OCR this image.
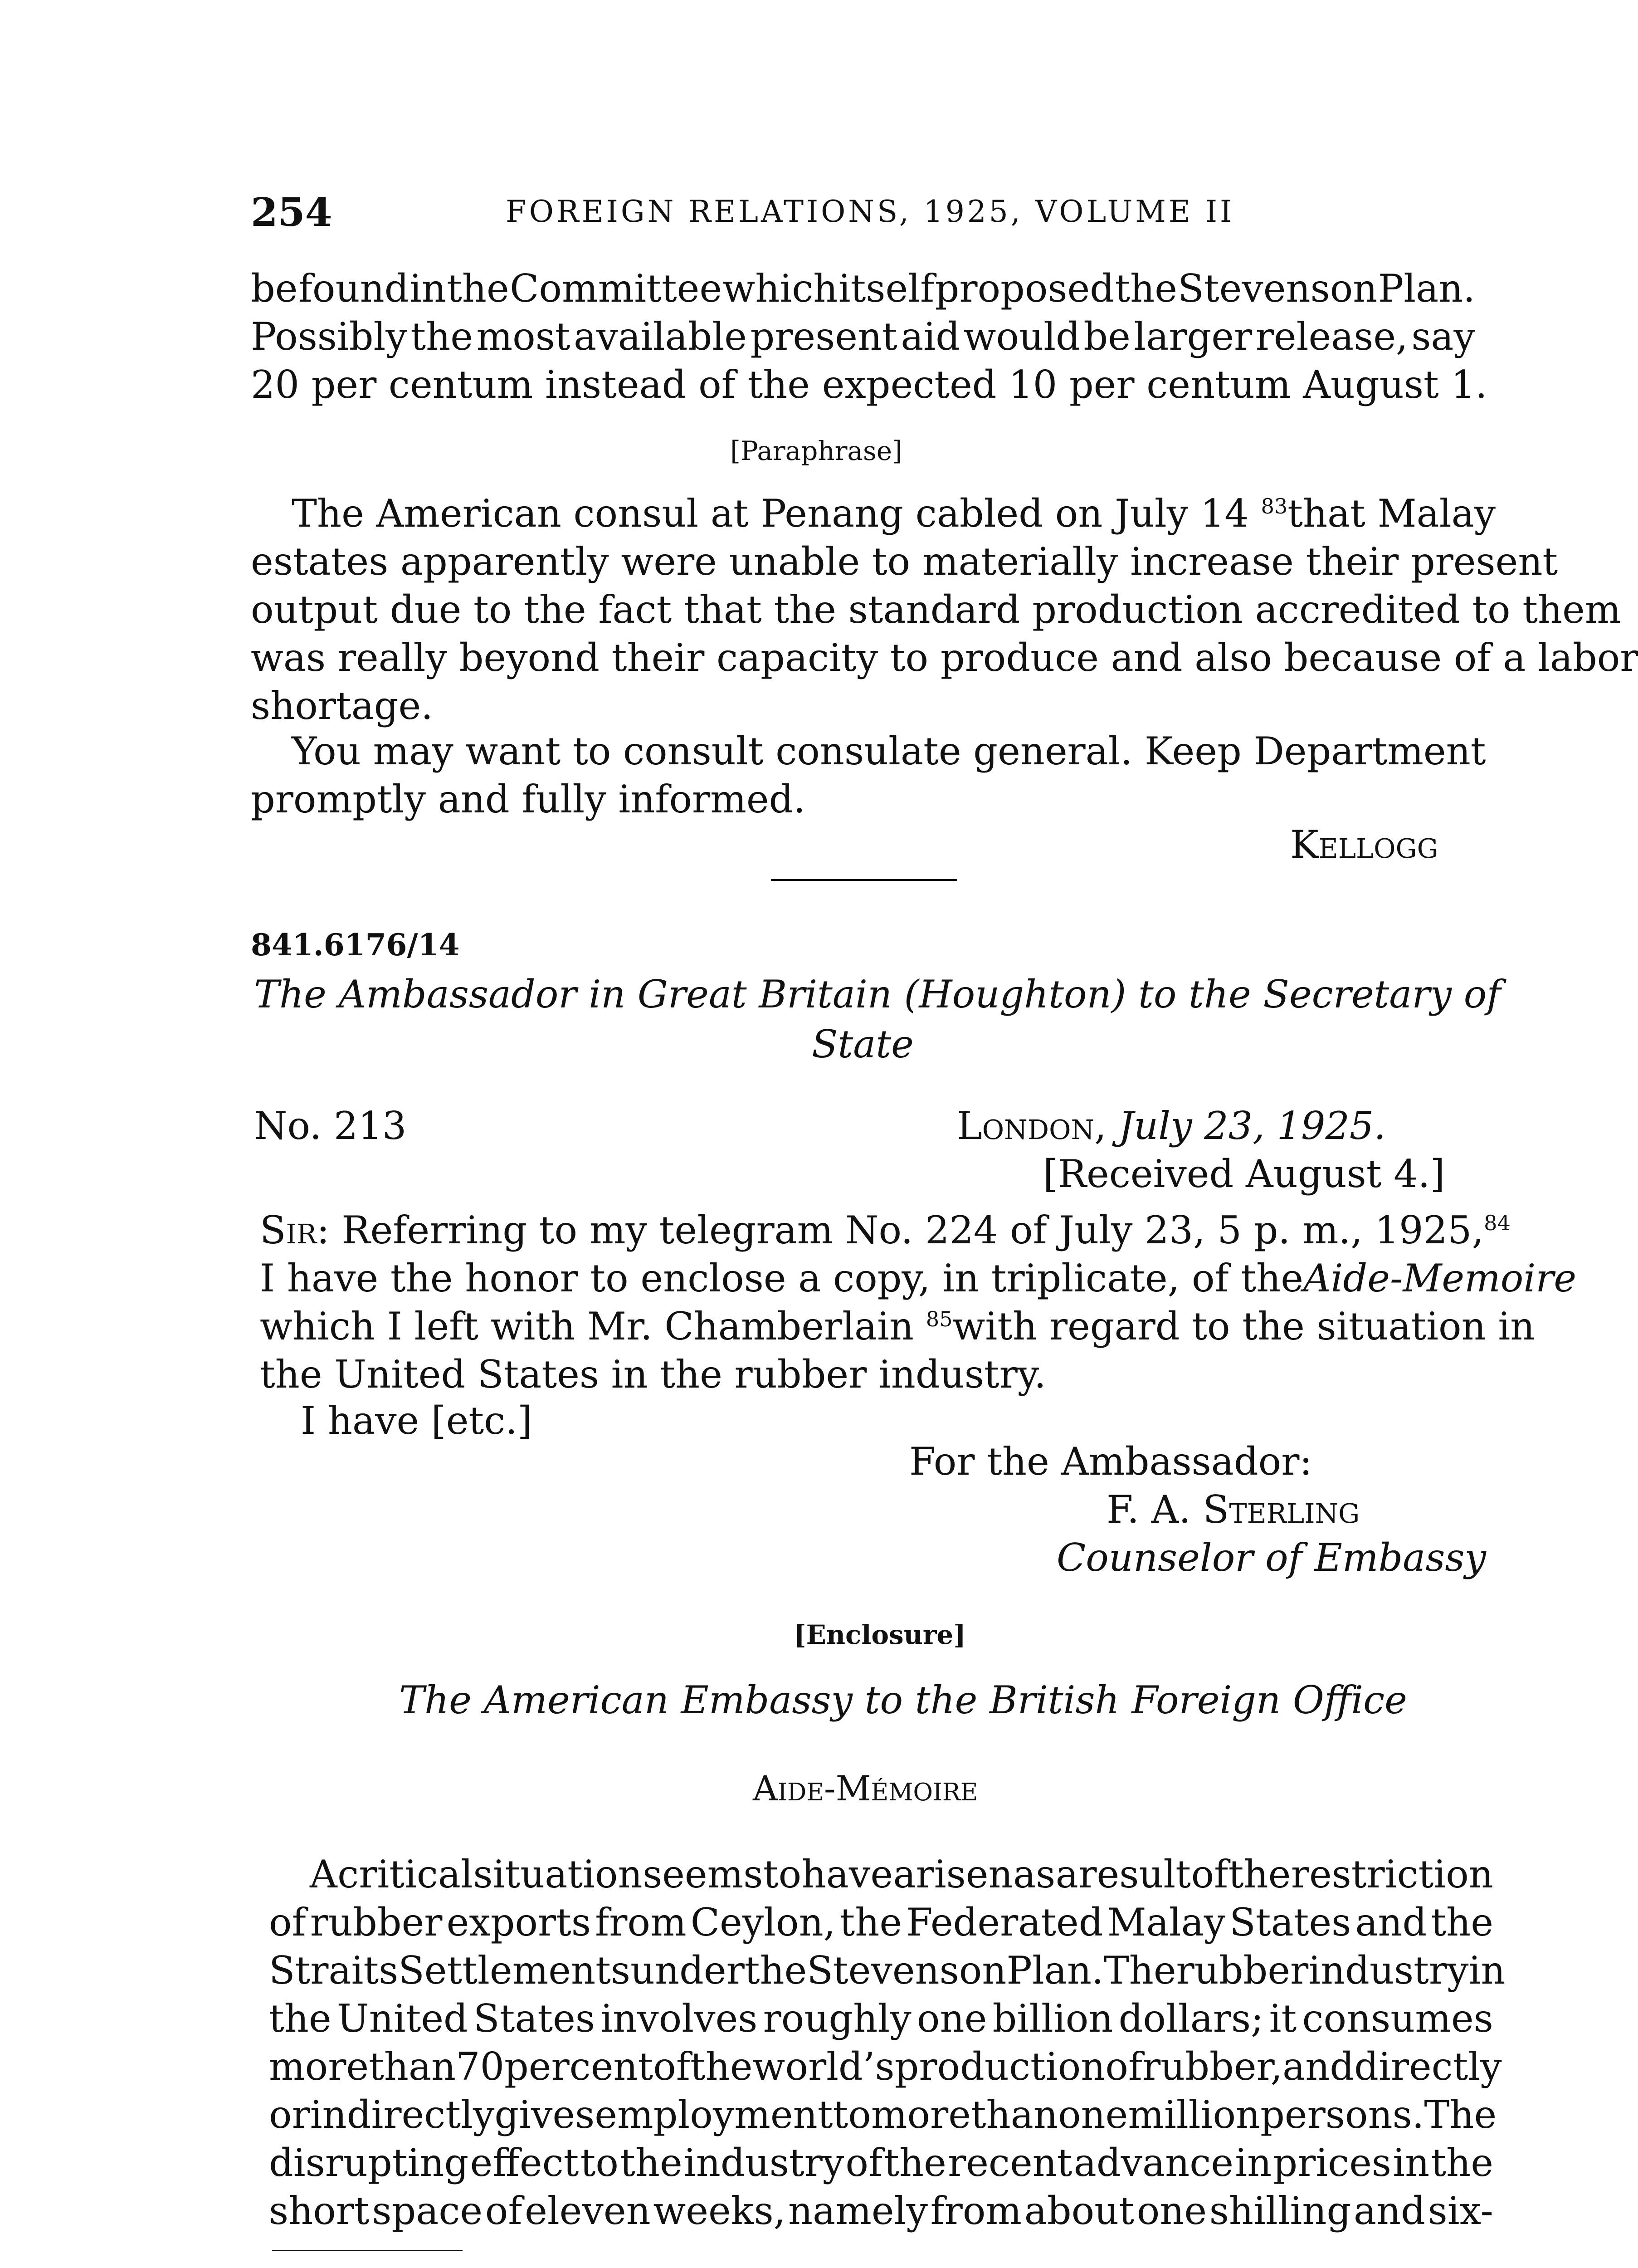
254	FOREIGN RELATIONS, 1925, VOLUME II
be found in the Committee which itself proposed the Stevenson Plan.
Possibly the most available present aid would be larger release, say
20 per centum instead of the expected 10 per centum August 1.
[Paraphrase]
The American consul at Penang cabled on July 14 $^{83}$ that Malay
estates apparently were unable to materially increase their present
output due to the fact that the standard production accredited to them
was really beyond their capacity to produce and also because of a labor
shortage.
You may want to consult consulate general. Keep Department
promptly and fully informed.
Kellogg
841.6176/14
The Ambassador in Great Britain (Houghton) to the Secretary of
State
No. 213	London, July 23, 1925.
[Received August 4.]
Sir: Referring to my telegram No. 224 of July 23, 5 p. m., 1925,84
I have the honor to enclose a copy, in triplicate, of the Aide-Memoire
which I left with Mr. Chamberlain $^{85}$ with regard to the situation in
the United States in the rubber industry.
I have [etc.]
For the Ambassador:
F. A. Sterling
Counselor of Embassy
[Enclosure]
The American Embassy to the British Foreign Office
Aide-Mémoire
A critical situation seems to have arisen as a result of the restriction
of rubber exports from Ceylon, the Federated Malay States and the
Straits Settlements under the Stevenson Plan. The rubber industry in
the United States involves roughly one billion dollars; it consumes
more than 70 per cent of the world’s production of rubber, and directly
or indirectly gives employment to more than one million persons. The
disrupting effect to the industry of the recent advance in prices in the
short space of eleven weeks, namely from about one shilling and six-
